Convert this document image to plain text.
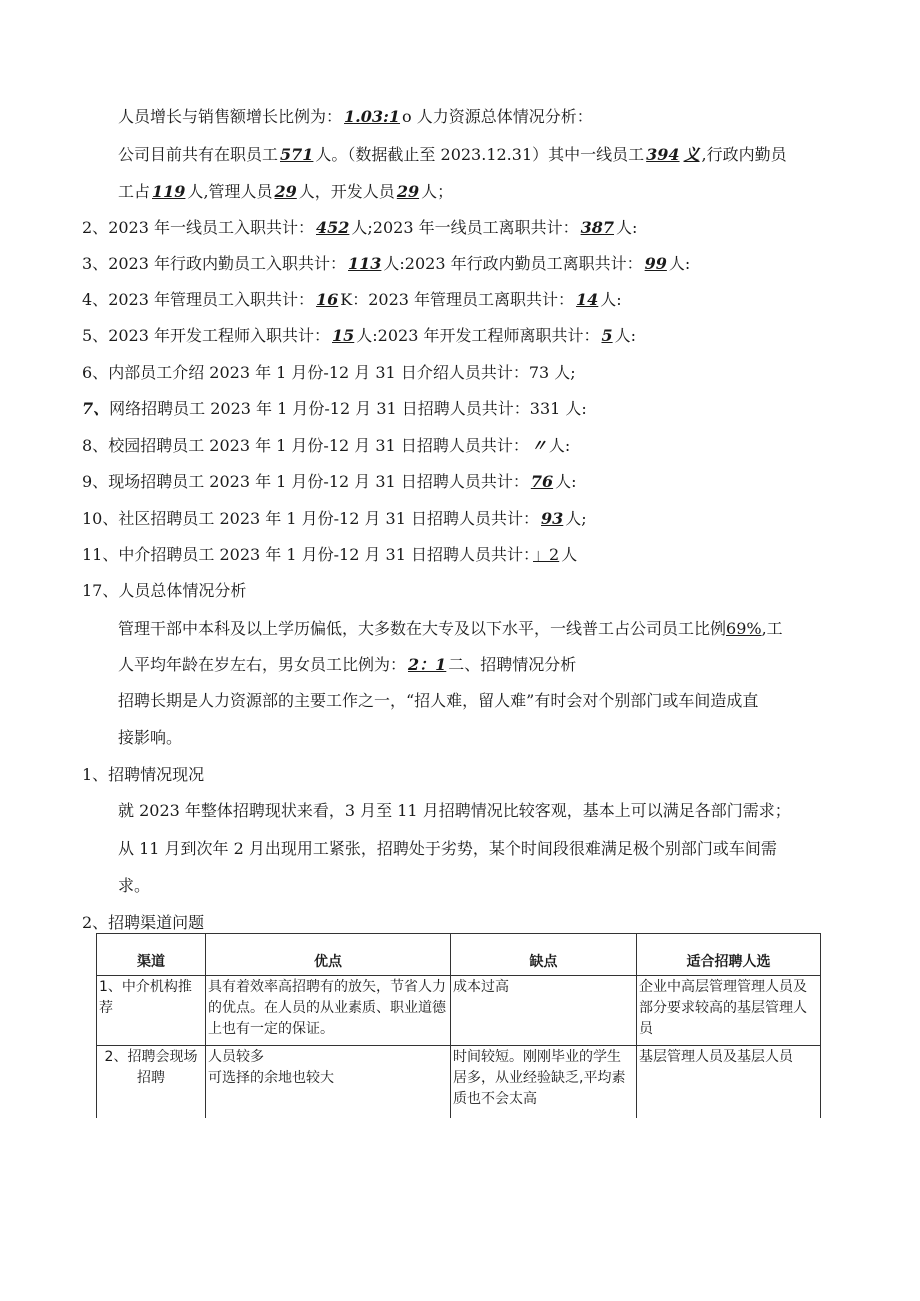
人员增长与销售额增长比例为： 1.03:1 o 人力资源总体情况分析：
公司目前共有在职员工 571 人。（数据截止至 2023.12.31）其中一线员工 394 义 ,行政内勤员
工占 119 人,管理人员 29 人，开发人员 29 人；
2、2023 年一线员工入职共计： 452 人;2023 年一线员工离职共计： 387 人:
3、2023 年行政内勤员工入职共计： 113 人:2023 年行政内勤员工离职共计： 99 人:
4、2023 年管理员工入职共计： 16 K：2023 年管理员工离职共计： 14 人:
5、2023 年开发工程师入职共计： 15 人:2023 年开发工程师离职共计： 5 人:
6、内部员工介绍 2023 年 1 月份-12 月 31 日介绍人员共计：73 人;
7、网络招聘员工 2023 年 1 月份-12 月 31 日招聘人员共计：331 人:
8、校园招聘员工 2023 年 1 月份-12 月 31 日招聘人员共计： 〃 人:
9、现场招聘员工 2023 年 1 月份-12 月 31 日招聘人员共计： 76 人:
10、社区招聘员工 2023 年 1 月份-12 月 31 日招聘人员共计： 93 人;
11、中介招聘员工 2023 年 1 月份-12 月 31 日招聘人员共计： 」2 人
17、人员总体情况分析
管理干部中本科及以上学历偏低，大多数在大专及以下水平，一线普工占公司员工比例69%,工
人平均年龄在岁左右，男女员工比例为： 2：1 二、招聘情况分析
招聘长期是人力资源部的主要工作之一，“招人难，留人难”有时会对个别部门或车间造成直
接影响。
1、招聘情况现况
就 2023 年整体招聘现状来看，3 月至 11 月招聘情况比较客观，基本上可以满足各部门需求；
从 11 月到次年 2 月出现用工紧张，招聘处于劣势，某个时间段很难满足极个别部门或车间需
求。
2、招聘渠道问题
渠道	优点	缺点	适合招聘人选
1、中介机构推荐	具有着效率高招聘有的放矢，节省人力的优点。在人员的从业素质、职业道德上也有一定的保证。	成本过高	企业中高层管理管理人员及部分要求较高的基层管理人员
2、招聘会现场招聘	人员较多
可选择的余地也较大	时间较短。刚刚毕业的学生居多，从业经验缺乏,平均素质也不会太高	基层管理人员及基层人员
